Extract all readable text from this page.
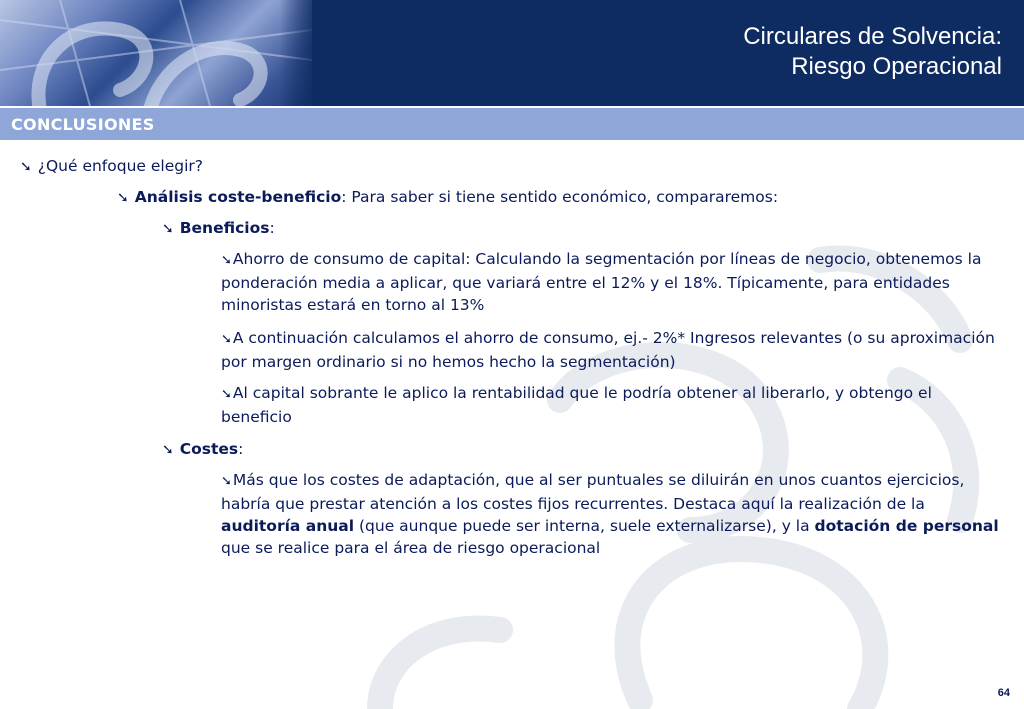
Circulares de Solvencia:
Riesgo Operacional
CONCLUSIONES
➘ ¿Qué enfoque elegir?
➘ Análisis coste-beneficio: Para saber si tiene sentido económico, compararemos:
➘ Beneficios:
➘Ahorro de consumo de capital: Calculando la segmentación por líneas de negocio, obtenemos la ponderación media a aplicar, que variará entre el 12% y el 18%. Típicamente, para entidades minoristas estará en torno al 13%
➘A continuación calculamos el ahorro de consumo, ej.- 2%* Ingresos relevantes (o su aproximación por margen ordinario si no hemos hecho la segmentación)
➘Al capital sobrante le aplico la rentabilidad que le podría obtener al liberarlo, y obtengo el beneficio
➘ Costes:
➘Más que los costes de adaptación, que al ser puntuales se diluirán en unos cuantos ejercicios, habría que prestar atención a los costes fijos recurrentes. Destaca aquí la realización de la auditoría anual (que aunque puede ser interna, suele externalizarse), y la dotación de personal que se realice para el área de riesgo operacional
64
